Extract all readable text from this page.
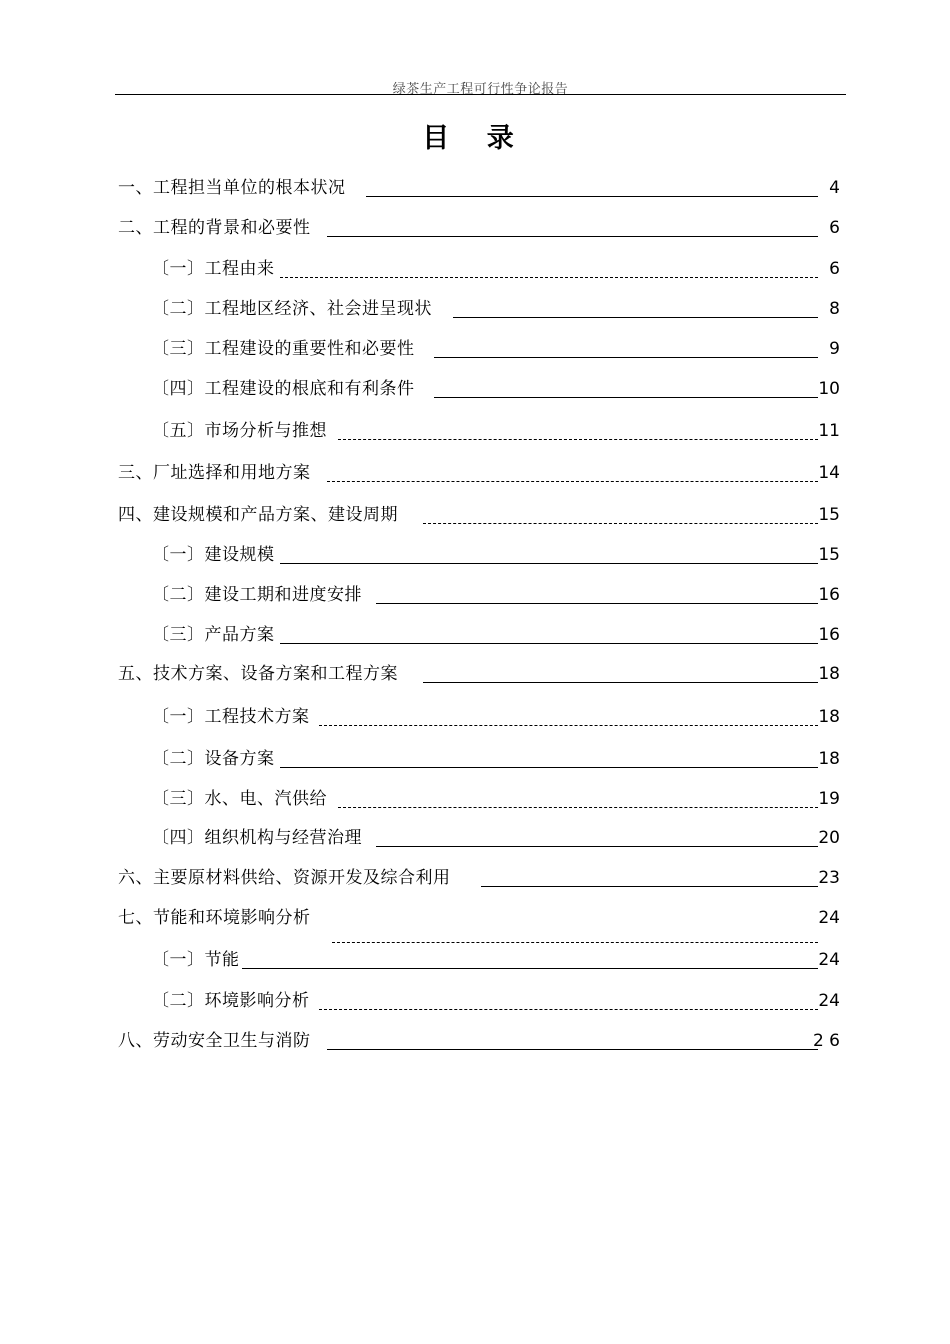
绿茶生产工程可行性争论报告
目 录
一、工程担当单位的根本状况	4
二、工程的背景和必要性	6
〔一〕工程由来	6
〔二〕工程地区经济、社会进呈现状	8
〔三〕工程建设的重要性和必要性	9
〔四〕工程建设的根底和有利条件	10
〔五〕市场分析与推想	11
三、厂址选择和用地方案	14
四、建设规模和产品方案、建设周期	15
〔一〕建设规模	15
〔二〕建设工期和进度安排	16
〔三〕产品方案	16
五、技术方案、设备方案和工程方案	18
〔一〕工程技术方案	18
〔二〕设备方案	18
〔三〕水、电、汽供给	19
〔四〕组织机构与经营治理	20
六、主要原材料供给、资源开发及综合利用	23
七、节能和环境影响分析	24
〔一〕节能	24
〔二〕环境影响分析	24
八、劳动安全卫生与消防	2 6
